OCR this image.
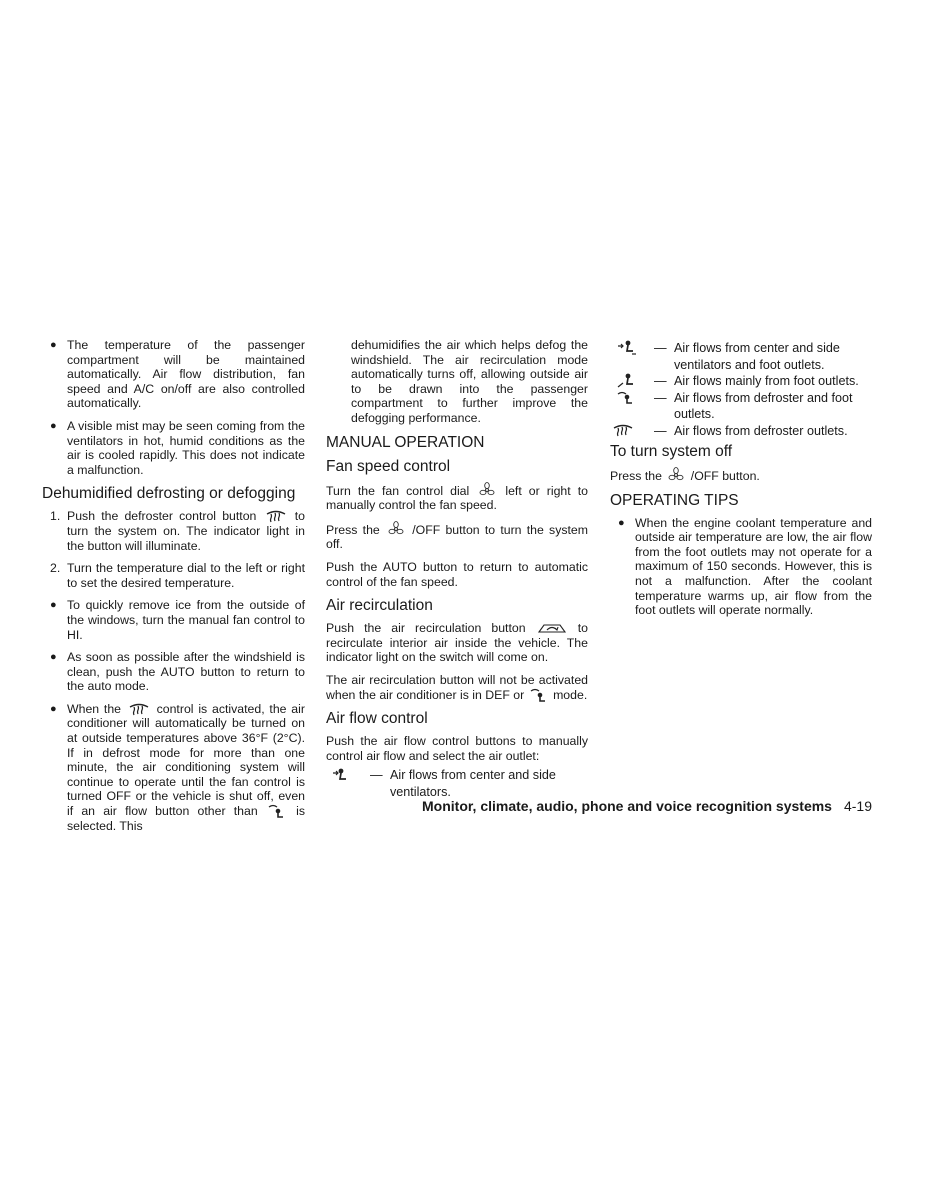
● The temperature of the passenger compartment will be maintained automatically. Air flow distribution, fan speed and A/C on/off are also controlled automatically.
● A visible mist may be seen coming from the ventilators in hot, humid conditions as the air is cooled rapidly. This does not indicate a malfunction.
Dehumidified defrosting or defogging
1. Push the defroster control button	to turn the system on. The indicator light in the button will illuminate.
2. Turn the temperature dial to the left or right to set the desired temperature.
● To quickly remove ice from the outside of the windows, turn the manual fan control to HI.
● As soon as possible after the windshield is clean, push the AUTO button to return to the auto mode.
● When the	control is activated, the air conditioner will automatically be turned on at outside temperatures above 36°F (2°C). If in defrost mode for more than one minute, the air conditioning system will continue to operate until the fan control is turned OFF or the vehicle is shut off, even if an air flow button other than	is selected. This

dehumidifies the air which helps defog the windshield. The air recirculation mode automatically turns off, allowing outside air to be drawn into the passenger compartment to further improve the defogging performance.

MANUAL OPERATION
Fan speed control

Turn the fan control dial	left or right to manually control the fan speed.

Press the	/OFF button to turn the system off.

Push the AUTO button to return to automatic control of the fan speed.

Air recirculation

Push the air recirculation button	to recirculate interior air inside the vehicle. The indicator light on the switch will come on.

The air recirculation button will not be activated when the air conditioner is in DEF or mode.

Air flow control

Push the air flow control buttons to manually control air flow and select the air outlet:

— Air flows from center and side ventilators.
— Air flows from center and side ventilators and foot outlets.
— Air flows mainly from foot outlets.
— Air flows from defroster and foot outlets.
— Air flows from defroster outlets.
To turn system off

Press the /OFF button.

OPERATING TIPS
● When the engine coolant temperature and outside air temperature are low, the air flow from the foot outlets may not operate for a maximum of 150 seconds. However, this is not a malfunction. After the coolant temperature warms up, air flow from the foot outlets will operate normally.
Monitor, climate, audio, phone and voice recognition systems 4-19
